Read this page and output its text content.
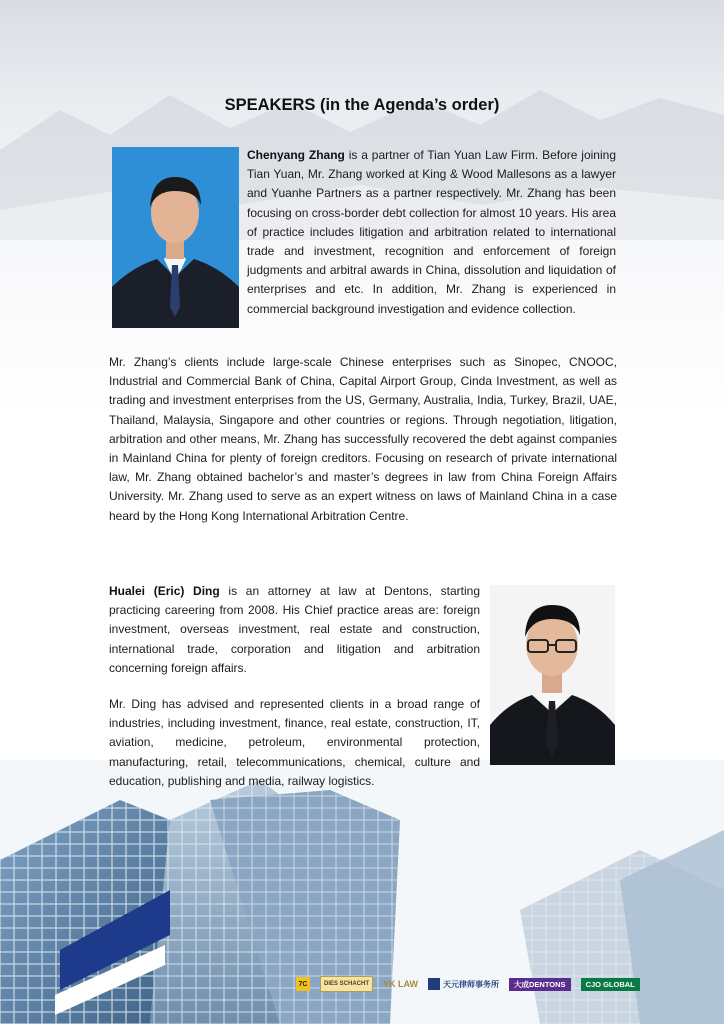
SPEAKERS (in the Agenda’s order)

Chenyang Zhang is a partner of Tian Yuan Law Firm. Before joining Tian Yuan, Mr. Zhang worked at King & Wood Mallesons as a lawyer and Yuanhe Partners as a partner respectively. Mr. Zhang has been focusing on cross-border debt collection for almost 10 years. His area of practice includes litigation and arbitration related to international trade and investment, recognition and enforcement of foreign judgments and arbitral awards in China, dissolution and liquidation of enterprises and etc. In addition, Mr. Zhang is experienced in commercial background investigation and evidence collection.

Mr. Zhang’s clients include large-scale Chinese enterprises such as Sinopec, CNOOC, Industrial and Commercial Bank of China, Capital Airport Group, Cinda Investment, as well as trading and investment enterprises from the US, Germany, Australia, India, Turkey, Brazil, UAE, Thailand, Malaysia, Singapore and other countries or regions. Through negotiation, litigation, arbitration and other means, Mr. Zhang has successfully recovered the debt against companies in Mainland China for plenty of foreign creditors. Focusing on research of private international law, Mr. Zhang obtained bachelor’s and master’s degrees in law from China Foreign Affairs University. Mr. Zhang used to serve as an expert witness on laws of Mainland China in a case heard by the Hong Kong International Arbitration Centre.

Hualei (Eric) Ding is an attorney at law at Dentons, starting practicing careering from 2008. His Chief practice areas are: foreign investment, overseas investment, real estate and construction, international trade, corporation and litigation and arbitration concerning foreign affairs.

Mr. Ding has advised and represented clients in a broad range of industries, including investment, finance, real estate, construction, IT, aviation, medicine, petroleum, environmental protection, manufacturing, retail, telecommunications, chemical, culture and education, publishing and media, railway logistics.

7C	DIES SCHACHT YK LAW	天元律师事务所 大成DENTONS	CJO GLOBAL
